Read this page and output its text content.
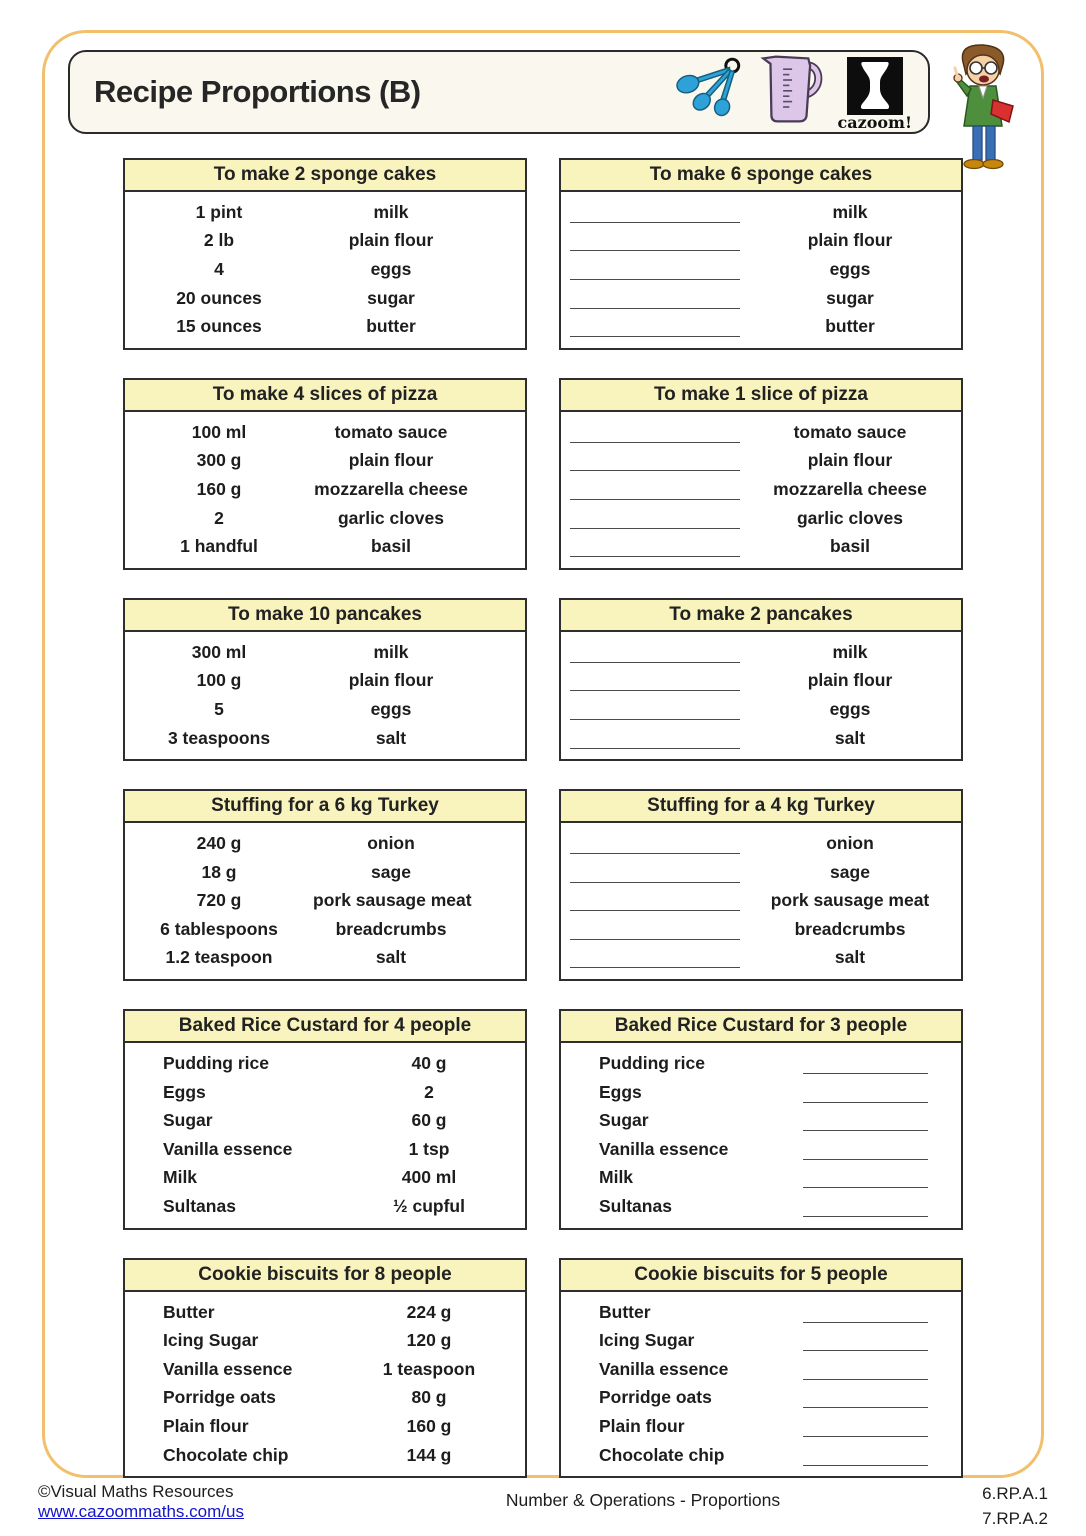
Recipe Proportions (B)
cazoom!
To make 2 sponge cakes
1 pint	milk
2 lb	plain flour
4	eggs
20 ounces	sugar
15 ounces	butter
To make 6 sponge cakes
milk
plain flour
eggs
sugar
butter
To make 4 slices of pizza
100 ml	tomato sauce
300 g	plain flour
160 g	mozzarella cheese
2	garlic cloves
1 handful	basil
To make 1 slice of pizza
tomato sauce
plain flour
mozzarella cheese
garlic cloves
basil
To make 10 pancakes
300 ml	milk
100 g	plain flour
5	eggs
3 teaspoons	salt
To make 2 pancakes
milk
plain flour
eggs
salt
Stuffing for a 6 kg Turkey
240 g	onion
18 g	sage
720 g	pork sausage meat
6 tablespoons	breadcrumbs
1.2 teaspoon	salt
Stuffing for a 4 kg Turkey
onion
sage
pork sausage meat
breadcrumbs
salt
Baked Rice Custard for 4 people
Pudding rice	40 g
Eggs	2
Sugar	60 g
Vanilla essence	1 tsp
Milk	400 ml
Sultanas	½ cupful
Baked Rice Custard for 3 people
Pudding rice
Eggs
Sugar
Vanilla essence
Milk
Sultanas
Cookie biscuits for 8 people
Butter	224 g
Icing Sugar	120 g
Vanilla essence	1 teaspoon
Porridge oats	80 g
Plain flour	160 g
Chocolate chip	144 g
Cookie biscuits for 5 people
Butter
Icing Sugar
Vanilla essence
Porridge oats
Plain flour
Chocolate chip
©Visual Maths Resources
www.cazoommaths.com/us
Number & Operations - Proportions	6.RP.A.1
7.RP.A.2
